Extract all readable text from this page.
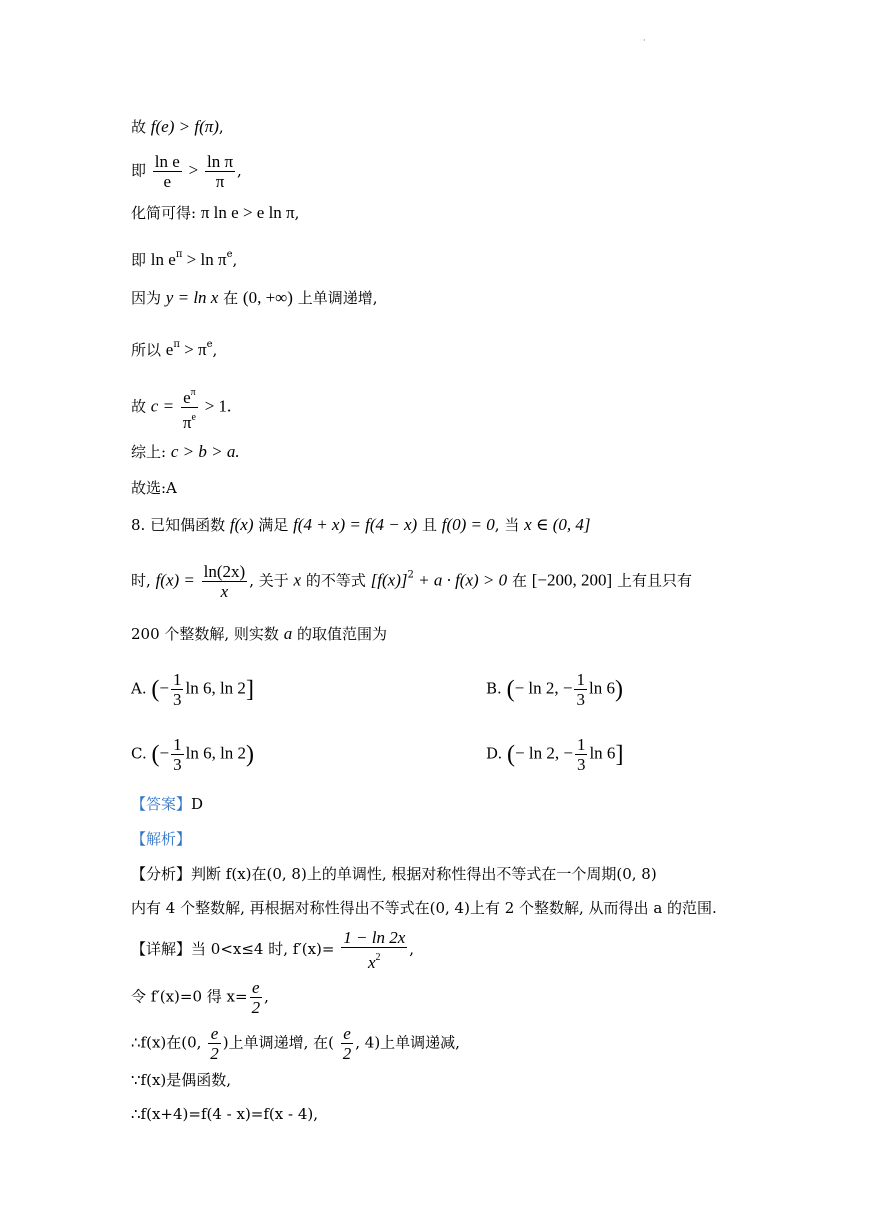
·
故 f(e) > f(π),
即 $\frac{\text{ln e}}{e} > \frac{\text{ln π}}{\pi}$ ,
化简可得: π ln e > e ln π,
即 $\ln e^\pi > \ln \pi^e$,
因为 y = ln x 在 (0, +∞) 上单调递增,
所以 $e^\pi > \pi^e$,
故 $c = \frac{e^\pi}{\pi^e} > 1$.
综上: c > b > a.
故选:A
8. 已知偶函数 f(x) 满足 f(4 + x) = f(4 − x) 且 f(0) = 0, 当 x ∈ (0, 4]
时, $f(x) = \frac{\ln(2x)}{x}$ , 关于 x 的不等式 $[f(x)]^2 + a \cdot f(x) > 0$ 在 [−200, 200] 上有且只有
200 个整数解, 则实数 a 的取值范围为
A. (− $\frac{1}{3}$ ln 6, ln 2]	B. (− ln 2, − $\frac{1}{3}$ ln 6)
C. (− $\frac{1}{3}$ ln 6, ln 2)	D. (− ln 2, − $\frac{1}{3}$ ln 6]
【答案】D
【解析】
【分析】判断 f(x)在(0, 8)上的单调性, 根据对称性得出不等式在一个周期(0, 8)
内有 4 个整数解, 再根据对称性得出不等式在(0, 4)上有 2 个整数解, 从而得出 a 的范围.
【详解】当 0<x≤4 时, $f'(x)= \frac{1 - \ln 2x}{x^2}$ ,
令 f′(x)=0 得 $x= \frac{e}{2}$ ,
∴f(x)在(0, $\frac{e}{2}$ )上单调递增, 在( $\frac{e}{2}$ , 4)上单调递减,
∵f(x)是偶函数,
∴f(x+4)=f(4 - x)=f(x - 4),
